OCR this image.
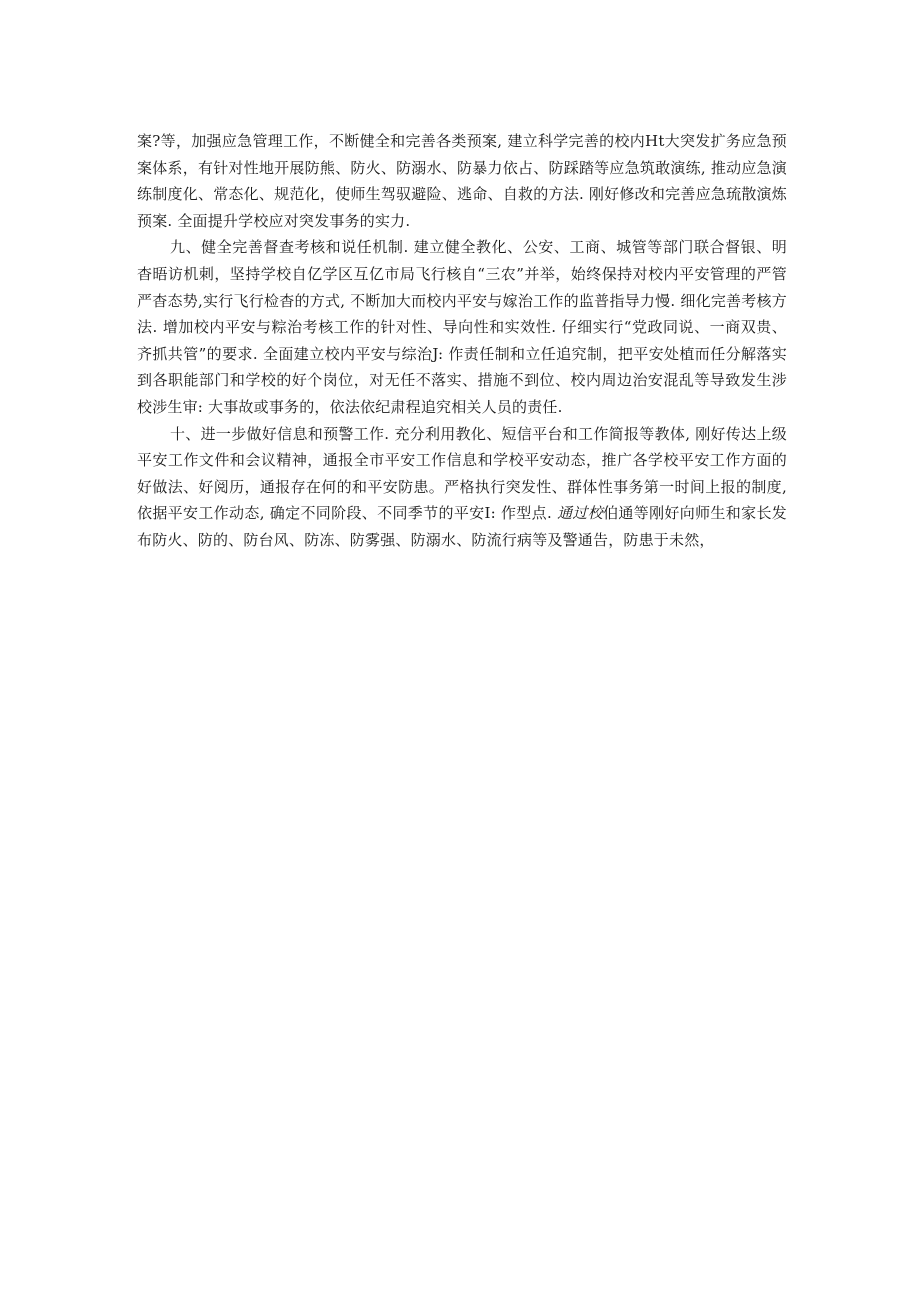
案?等，加强应急管理工作，不断健全和完善各类预案, 建立科学完善的校内Ht大突发扩务应急预案体系，有针对性地开展防熊、防火、防溺水、防暴力依占、防踩踏等应急筑敢演练, 推动应急演练制度化、常态化、规范化，使师生驾驭避险、逃命、自救的方法. 刚好修改和完善应急琉散演炼预案. 全面提升学校应对突发事务的实力.

九、健全完善督查考核和说任机制. 建立健全教化、公安、工商、城管等部门联合督银、明杳晤访机刺，坚持学校自亿学区互亿市局飞行核自“三农”并举，始终保持对校内平安管理的严管严杳态势,实行飞行检杳的方式, 不断加大而校内平安与嫁治工作的监普指导力慢. 细化完善考核方法. 增加校内平安与粽治考核工作的针对性、导向性和实效性. 仔细实行“党政同说、一商双贵、齐抓共管”的要求. 全面建立校内平安与综治J: 作责任制和立任追究制，把平安处植而任分解落实到各职能部门和学校的好个岗位，对无任不落实、措施不到位、校内周边治安混乱等导致发生涉校涉生审: 大事故或事务的，依法依纪肃程追究相关人员的责任.

十、进一步做好信息和预警工作. 充分利用教化、短信平台和工作简报等教体, 刚好传达上级平安工作文件和会议精神，通报全市平安工作信息和学校平安动态，推广各学校平安工作方面的好做法、好阅历，通报存在何的和平安防患。严格执行突发性、群体性事务第一时间上报的制度, 依据平安工作动态, 确定不同阶段、不同季节的平安I: 作型点. 通过校伯通等刚好向师生和家长发布防火、防的、防台风、防冻、防雾强、防溺水、防流行病等及警通告，防患于未然，
